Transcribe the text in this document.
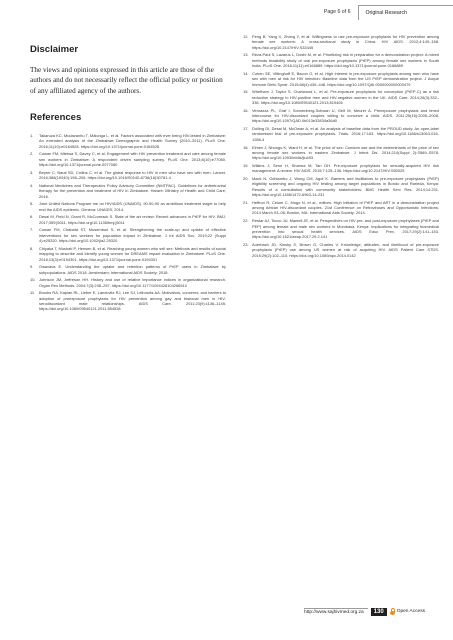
Page 6 of 6	Original Research
Disclaimer

The views and opinions expressed in this article are those of the authors and do not necessarily reflect the official policy or position of any affiliated agency of the authors.

References
1.	Takaruza KC, Mudavanhu T, Malunga L, et al. Factors associated with ever being HIV-tested in Zimbabwe: An extended analysis of the Zimbabwe Demographic and Health Survey (2010–2011). PLoS One. 2016;11(10):e0164528. https://doi.org/10.1371/journal.pone.0164528
2.	Cowan FM, Mtetwa S, Davey C, et al. Engagement with HIV prevention treatment and care among female sex workers in Zimbabwe: A respondent driven sampling survey. PLoS One. 2013;8(10):e77080. https://doi.org/10.1371/journal.pone.0077080
3.	Beyrer C, Baral SD, Collins C, et al. The global response to HIV in men who have sex with men. Lancet. 2016;388(10040):198–206. https://doi.org/10.1016/S0140-6736(16)30781-4
4.	National Medicines and Therapeutics Policy Advisory Committee (NMTPAC). Guidelines for antiretroviral therapy for the prevention and treatment of HIV in Zimbabwe. Harare: Ministry of Health and Child Care; 2016.
5.	Joint United Nations Program me on HIV/AIDS (UNAIDS). 90-90-90 an ambitious treatment target to help end the AIDS epidemic. Geneva: UNAIDS; 2014.
6.	Desai M, Field N, Grant R, McCormack S. State of the art review: Recent advances in PrEP for HIV. BMJ. 2017;359:j5011. https://doi.org/10.1136/bmj.j5011
7.	Cowan FM, Chabata ST, Musemburi S, et al. Strengthening the scale-up and uptake of effective interventions for sex workers for population impact in Zimbabwe. J Int AIDS Soc. 2019;22 (Suppl 4):e25320. https://doi.org/10.1002/jia2.25320
8.	Chiyaka T, Mushati P, Hensen B, et al. Reaching young women who sell sex: Methods and results of social mapping to describe and identify young women for DREAMS impact evaluation in Zimbabwe. PLoS One. 2018;13(3):e0194301. https://doi.org/10.1371/journal.pone.0194301
9.	Gwavava E. Understanding the uptake and retention patterns of PrEP users in Zimbabwe by subpopulations. AIDS 2018. Amsterdam: International AIDS Society; 2018.
10. Johnson JM, Jeffreson HH. History and use of relative importance indices in organizational research. Organ Res Methods. 2004;7(3):238–257. https://doi.org/10.1177/1094428104266510
11. Brooks RA, Kaplan RL, Lieber E, Landovitz RJ, Lee SJ, Leibowitz AA. Motivators, concerns, and barriers to adoption of preexposure prophylaxis for HIV prevention among gay and bisexual men in HIV-serodiscordant male relationships. AIDS Care. 2011;23(9):1136–1145. https://doi.org/10.1080/09540121.2011.554528
12. Peng B, Yang X, Zhang Y, et al. Willingness to use pre-exposure prophylaxis for HIV prevention among female sex workers: A cross-sectional study in China. HIV AIDS. 2012;4:149–158. https://doi.org/10.2147/HIV.S33445
13. Reza-Paul S, Lazarus L, Doshi M, et al. Prioritizing risk in preparation for a demonstration project: A mixed methods feasibility study of oral pre-exposure prophylaxis (PrEP) among female sex workers in South India. PLoS One. 2016;11(11):e0166889. https://doi.org/10.1371/journal.pone.0166889
14. Cohen SE, Vittinghoff E, Bacon O, et al. High interest in pre-exposure prophylaxis among men who have sex with men at risk for HIV infection: Baseline data from the US PrEP demonstration project. J Acquir Immune Defic Syndr. 2015;68(4):439–448. https://doi.org/10.1097/QAI.0000000000000479
15. Whetham J, Taylor S, Charlwood L, et al. Pre-exposure prophylaxis for conception (PrEP-C) as a risk reduction strategy in HIV-positive men and HIV-negative women in the UK. AIDS Care. 2014;26(3):332–336. https://doi.org/10.1080/09540121.2013.819406
16. Vernazza PL, Graf I, Sonnenberg-Schwan U, Geit M, Meurer A. Preexposure prophylaxis and timed intercourse for HIV-discordant couples willing to conceive a child. AIDS. 2011;25(16):2005–2008. https://doi.org/10.1097/QAD.0b013e32834a36d0
17. Dolling DI, Desai M, McOwan A, et al. An analysis of baseline data from the PROUD study: An open-label randomised trial of pre-exposure prophylaxis. Trials. 2016;17:163. https://doi.org/10.1186/s13063-016-1286-4
18. Elmes J, Nhongo K, Ward H, et al. The price of sex: Condom use and the determinants of the price of sex among female sex workers in eastern Zimbabwe. J Infect Dis. 2014;210(Suppl 2):S569–S578. https://doi.org/10.1093/infdis/jiu493
19. Wilkins J, Senn H, Sharma M, Tan DH. Pre-exposure prophylaxis for sexually-acquired HIV risk management: A review. HIV AIDS. 2015;7:125–136. https://doi.org/10.2147/HIV.S50025
20. Mack N, Odhiambo J, Wong CM, Agot K. Barriers and facilitators to pre-exposure prophylaxis (PrEP) eligibility screening and ongoing HIV testing among target populations in Bondo and Rarieda, Kenya: Results of a consultation with community stakeholders. BMC Health Serv Res. 2014;14:231. https://doi.org/10.1186/1472-6963-14-231
21. Heffron R, Celum C, Mugo N, et al., editors. High initiation of PrEP and ART in a demonstration project among African HIV-discordant couples. 21st Conference on Retroviruses and Opportunistic Infections; 2014 March 03–06; Boston, MA: International Aids Society; 2014.
22. Restar AJ, Tocco JU, Mantell JE, et al. Perspectives on HIV pre- and post-exposure prophylaxes (PrEP and PEP) among female and male sex workers in Mombasa, Kenya: Implications for integrating biomedical prevention into sexual health services. AIDS Educ Prev. 2017;29(2):141–153. https://doi.org/10.1521/aeap.2017.29.2.141
23. Auerbach JD, Kinsky S, Brown G, Charles V. Knowledge, attitudes, and likelihood of pre-exposure prophylaxis (PrEP) use among US women at risk of acquiring HIV. AIDS Patient Care STDS. 2015;29(2):102–110. https://doi.org/10.1089/apc.2014.0142
http://www.sajhivmed.org.za	130	Open Access
